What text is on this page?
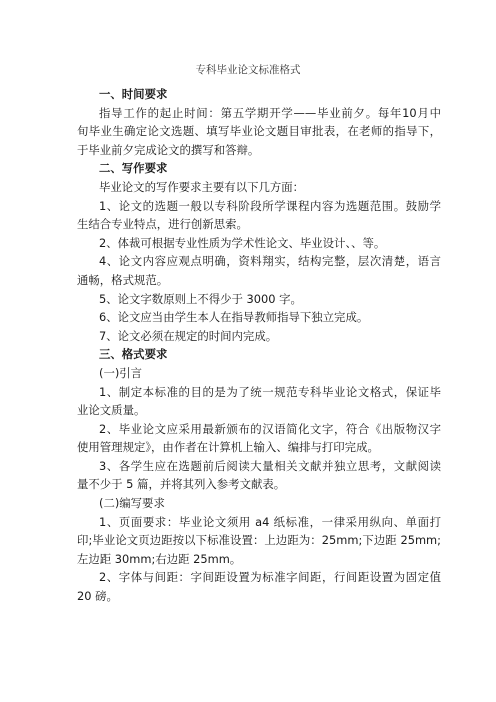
专科毕业论文标准格式
一、时间要求
指导工作的起止时间：第五学期开学——毕业前夕。每年10月中
旬毕业生确定论文选题、填写毕业论文题目审批表，在老师的指导下，
于毕业前夕完成论文的撰写和答辩。
二、写作要求
毕业论文的写作要求主要有以下几方面：
1、论文的选题一般以专科阶段所学课程内容为选题范围。鼓励学
生结合专业特点，进行创新思索。
2、体裁可根据专业性质为学术性论文、毕业设计、、等。
4、论文内容应观点明确，资料翔实，结构完整，层次清楚，语言
通畅，格式规范。
5、论文字数原则上不得少于 3000 字。
6、论文应当由学生本人在指导教师指导下独立完成。
7、论文必须在规定的时间内完成。
三、格式要求
(一)引言
1、制定本标准的目的是为了统一规范专科毕业论文格式，保证毕
业论文质量。
2、毕业论文应采用最新颁布的汉语简化文字，符合《出版物汉字
使用管理规定》，由作者在计算机上输入、编排与打印完成。
3、各学生应在选题前后阅读大量相关文献并独立思考，文献阅读
量不少于 5 篇，并将其列入参考文献表。
(二)编写要求
1、页面要求：毕业论文须用 a4 纸标准，一律采用纵向、单面打
印;毕业论文页边距按以下标准设置：上边距为：25mm;下边距 25mm;
左边距 30mm;右边距 25mm。
2、字体与间距：字间距设置为标准字间距，行间距设置为固定值
20 磅。
